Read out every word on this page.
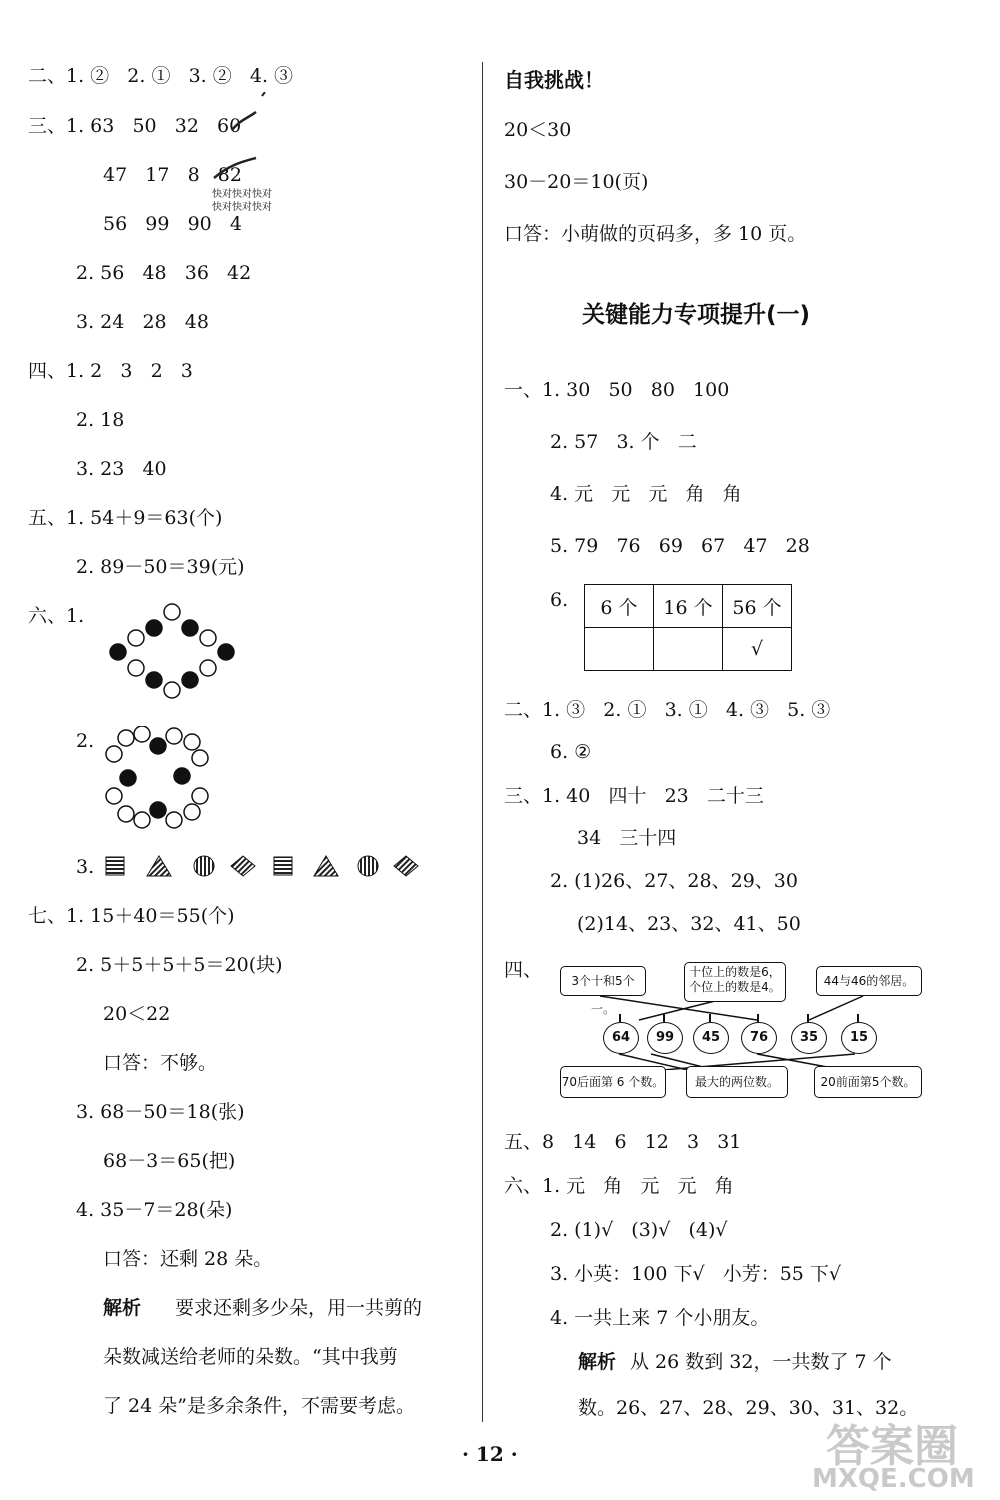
二、1. ②   2. ①   3. ②   4. ③
三、1. 63   50   32   60
47   17   8   82
快对快对快对
快对快对快对
56   99   90   4
2. 56   48   36   42
3. 24   28   48
四、1. 2   3   2   3
2. 18
3. 23   40
五、1. 54＋9＝63(个)
2. 89－50＝39(元)
六、1.
2.
3.
七、1. 15＋40＝55(个)
2. 5＋5＋5＋5＝20(块)
20＜22
口答：不够。
3. 68－50＝18(张)
68－3＝65(把)
4. 35－7＝28(朵)
口答：还剩 28 朵。
解析 要求还剩多少朵，用一共剪的
朵数减送给老师的朵数。“其中我剪
了 24 朵”是多余条件，不需要考虑。
自我挑战！
20＜30
30－20＝10(页)
口答：小萌做的页码多，多 10 页。
关键能力专项提升(一)
一、1. 30   50   80   100
2. 57   3. 个   二
4. 元   元   元   角   角
5. 79   76   69   67   47   28
6. 6 个	16 个	56 个
		√
二、1. ③   2. ①   3. ①   4. ③   5. ③
6. ②
三、1. 40   四十   23   二十三
34   三十四
2. (1)26、27、28、29、30
(2)14、23、32、41、50
四、	3个十和5个一。
十位上的数是6，
个位上的数是4。	44与46的邻居。
64	99	45	76	35	15
70后面第 6 个数。	最大的两位数。	20前面第5个数。
五、8   14   6   12   3   31
六、1. 元   角   元   元   角
2. (1)√   (3)√   (4)√
3. 小英：100 下√   小芳：55 下√
4. 一共上来 7 个小朋友。
解析 从 26 数到 32，一共数了 7 个
数。26、27、28、29、30、31、32。
· 12 ·	答案圈
MXQE.COM
